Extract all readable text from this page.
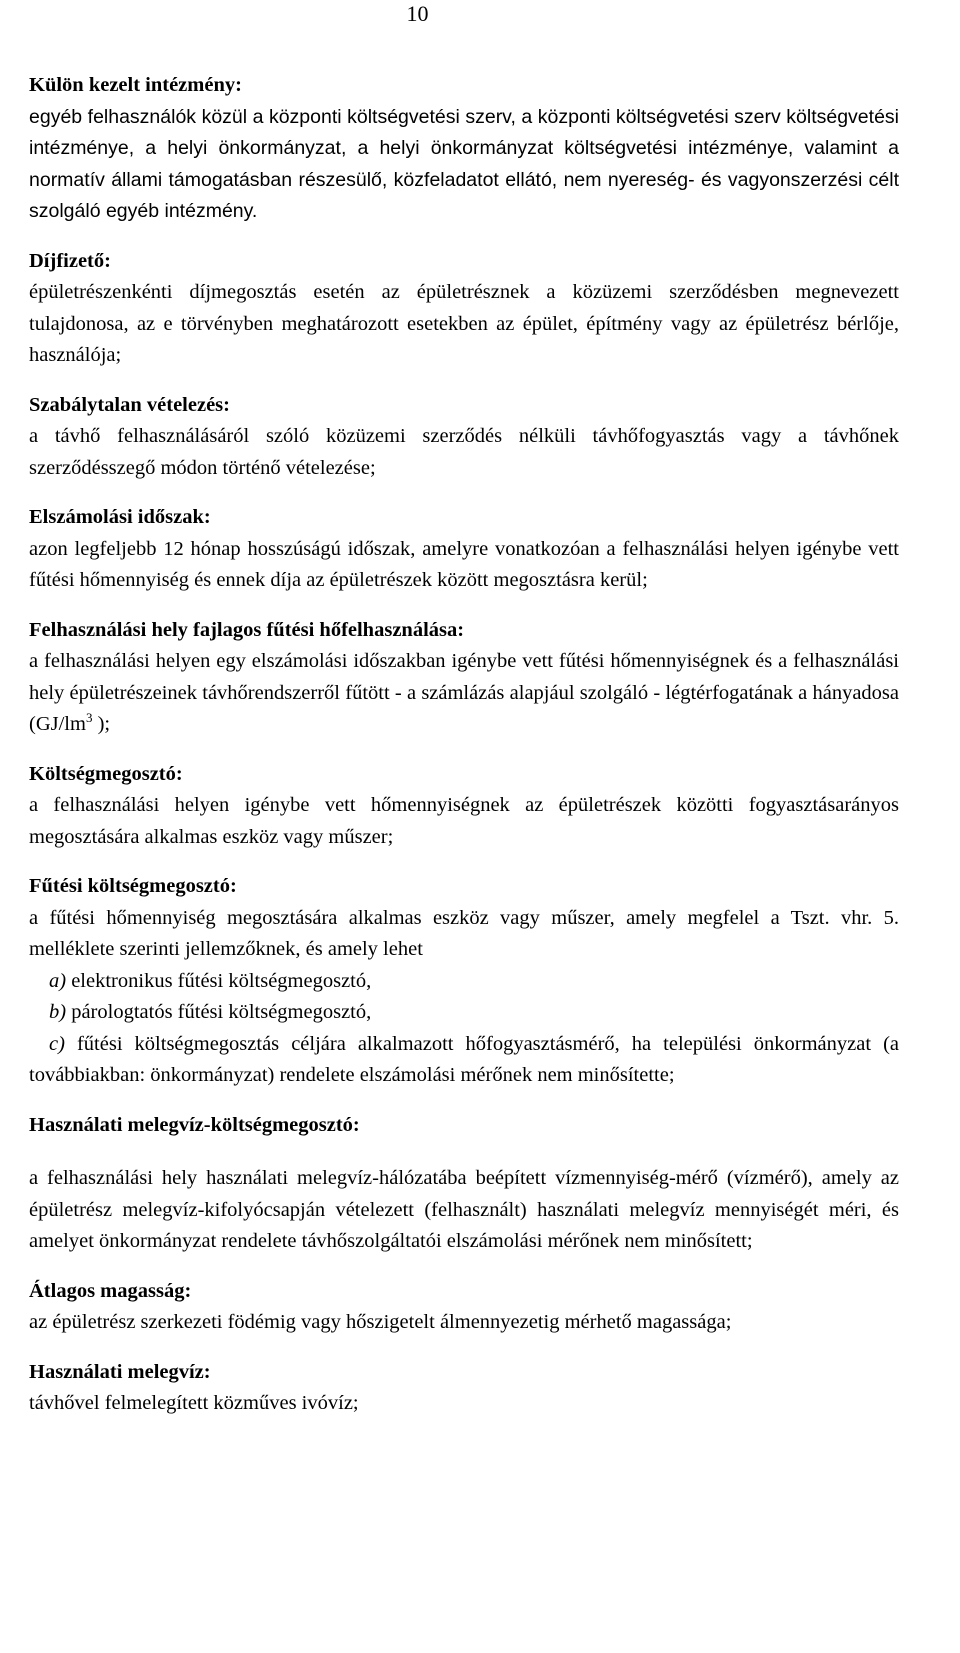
10
Külön kezelt intézmény:

egyéb felhasználók közül a központi költségvetési szerv, a központi költségvetési szerv költségvetési intézménye, a helyi önkormányzat, a helyi önkormányzat költségvetési intézménye, valamint a normatív állami támogatásban részesülő, közfeladatot ellátó, nem nyereség- és vagyonszerzési célt szolgáló egyéb intézmény.

Díjfizető:

épületrészenkénti díjmegosztás esetén az épületrésznek a közüzemi szerződésben megnevezett tulajdonosa, az e törvényben meghatározott esetekben az épület, építmény vagy az épületrész bérlője, használója;

Szabálytalan vételezés:

a távhő felhasználásáról szóló közüzemi szerződés nélküli távhőfogyasztás vagy a távhőnek szerződésszegő módon történő vételezése;

Elszámolási időszak:

azon legfeljebb 12 hónap hosszúságú időszak, amelyre vonatkozóan a felhasználási helyen igénybe vett fűtési hőmennyiség és ennek díja az épületrészek között megosztásra kerül;

Felhasználási hely fajlagos fűtési hőfelhasználása:

a felhasználási helyen egy elszámolási időszakban igénybe vett fűtési hőmennyiségnek és a felhasználási hely épületrészeinek távhőrendszerről fűtött - a számlázás alapjául szolgáló - légtérfogatának a hányadosa ($GJ/lm^3$ );

Költségmegosztó:

a felhasználási helyen igénybe vett hőmennyiségnek az épületrészek közötti fogyasztásarányos megosztására alkalmas eszköz vagy műszer;

Fűtési költségmegosztó:

a fűtési hőmennyiség megosztására alkalmas eszköz vagy műszer, amely megfelel a Tszt. vhr. 5. melléklete szerinti jellemzőknek, és amely lehet

a) elektronikus fűtési költségmegosztó,

b) párologtatós fűtési költségmegosztó,

c) fűtési költségmegosztás céljára alkalmazott hőfogyasztásmérő, ha települési önkormányzat (a továbbiakban: önkormányzat) rendelete elszámolási mérőnek nem minősítette;

Használati melegvíz-költségmegosztó:

a felhasználási hely használati melegvíz-hálózatába beépített vízmennyiség-mérő (vízmérő), amely az épületrész melegvíz-kifolyócsapján vételezett (felhasznált) használati melegvíz mennyiségét méri, és amelyet önkormányzat rendelete távhőszolgáltatói elszámolási mérőnek nem minősített;

Átlagos magasság:

az épületrész szerkezeti födémig vagy hőszigetelt álmennyezetig mérhető magassága;

Használati melegvíz:

távhővel felmelegített közműves ivóvíz;
